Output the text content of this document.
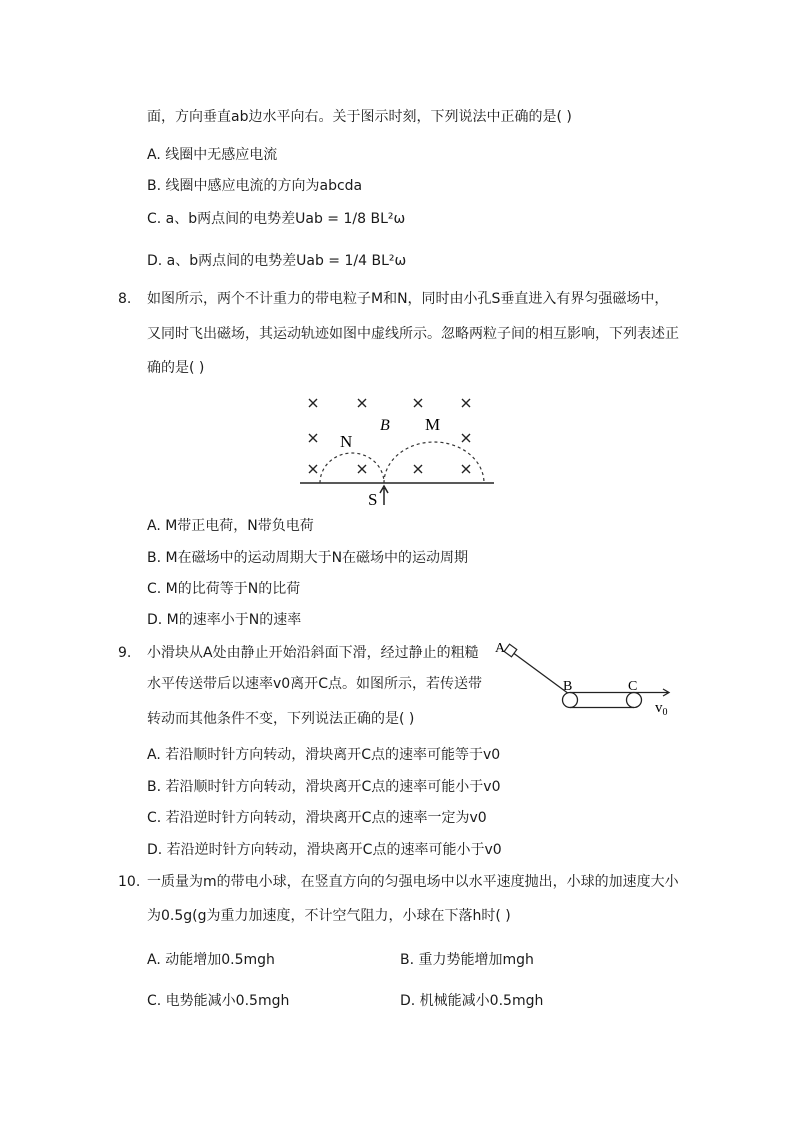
面，方向垂直ab边水平向右。关于图示时刻，下列说法中正确的是( )
A. 线圈中无感应电流
B. 线圈中感应电流的方向为abcda
C. a、b两点间的电势差Uab = 1/8 BL²ω
D. a、b两点间的电势差Uab = 1/4 BL²ω
8. 如图所示，两个不计重力的带电粒子M和N，同时由小孔S垂直进入有界匀强磁场中，
又同时飞出磁场，其运动轨迹如图中虚线所示。忽略两粒子间的相互影响，下列表述正
确的是( )
N
B M
S
A. M带正电荷，N带负电荷
B. M在磁场中的运动周期大于N在磁场中的运动周期
C. M的比荷等于N的比荷
D. M的速率小于N的速率
9. 小滑块从A处由静止开始沿斜面下滑，经过静止的粗糙
水平传送带后以速率v0离开C点。如图所示，若传送带
转动而其他条件不变，下列说法正确的是( )
A
B	C
$v_0$
A. 若沿顺时针方向转动，滑块离开C点的速率可能等于v0
B. 若沿顺时针方向转动，滑块离开C点的速率可能小于v0
C. 若沿逆时针方向转动，滑块离开C点的速率一定为v0
D. 若沿逆时针方向转动，滑块离开C点的速率可能小于v0
10. 一质量为m的带电小球，在竖直方向的匀强电场中以水平速度抛出，小球的加速度大小
为0.5g(g为重力加速度，不计空气阻力，小球在下落h时( )
A. 动能增加0.5mgh	B. 重力势能增加mgh
C. 电势能减小0.5mgh	D. 机械能减小0.5mgh
